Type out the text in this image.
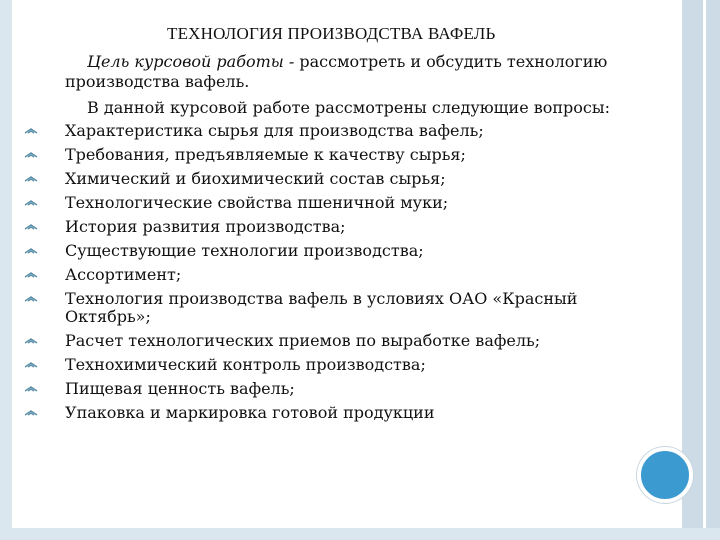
ТЕХНОЛОГИЯ ПРОИЗВОДСТВА ВАФЕЛЬ
Цель курсовой работы - рассмотреть и обсудить технологию
производства вафель.
В данной курсовой работе рассмотрены следующие вопросы:
Характеристика сырья для производства вафель;
Требования, предъявляемые к качеству сырья;
Химический и биохимический состав сырья;
Технологические свойства пшеничной муки;
История развития производства;
Существующие технологии производства;
Ассортимент;
Технология производства вафель в условиях ОАО «Красный Октябрь»;
Расчет технологических приемов по выработке вафель;
Технохимический контроль производства;
Пищевая ценность вафель;
Упаковка и маркировка готовой продукции
